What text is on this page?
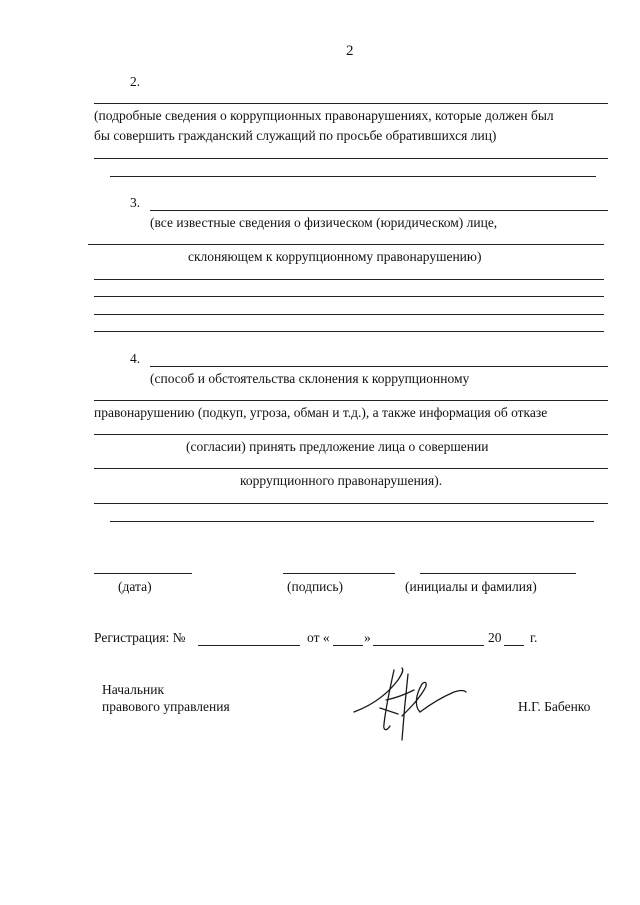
2
2.
(подробные сведения о коррупционных правонарушениях, которые должен был
бы совершить гражданский служащий по просьбе обратившихся лиц)
3.
(все известные сведения о физическом (юридическом) лице,
склоняющем к коррупционному правонарушению)
4.
(способ и обстоятельства склонения к коррупционному
правонарушению (подкуп, угроза, обман и т.д.), а также информация об отказе
(согласии) принять предложение лица о совершении
коррупционного правонарушения).
(дата)	(подпись)	(инициалы и фамилия)
Регистрация: №	от «	»	20 г.
Начальник
правового управления	Н.Г. Бабенко
